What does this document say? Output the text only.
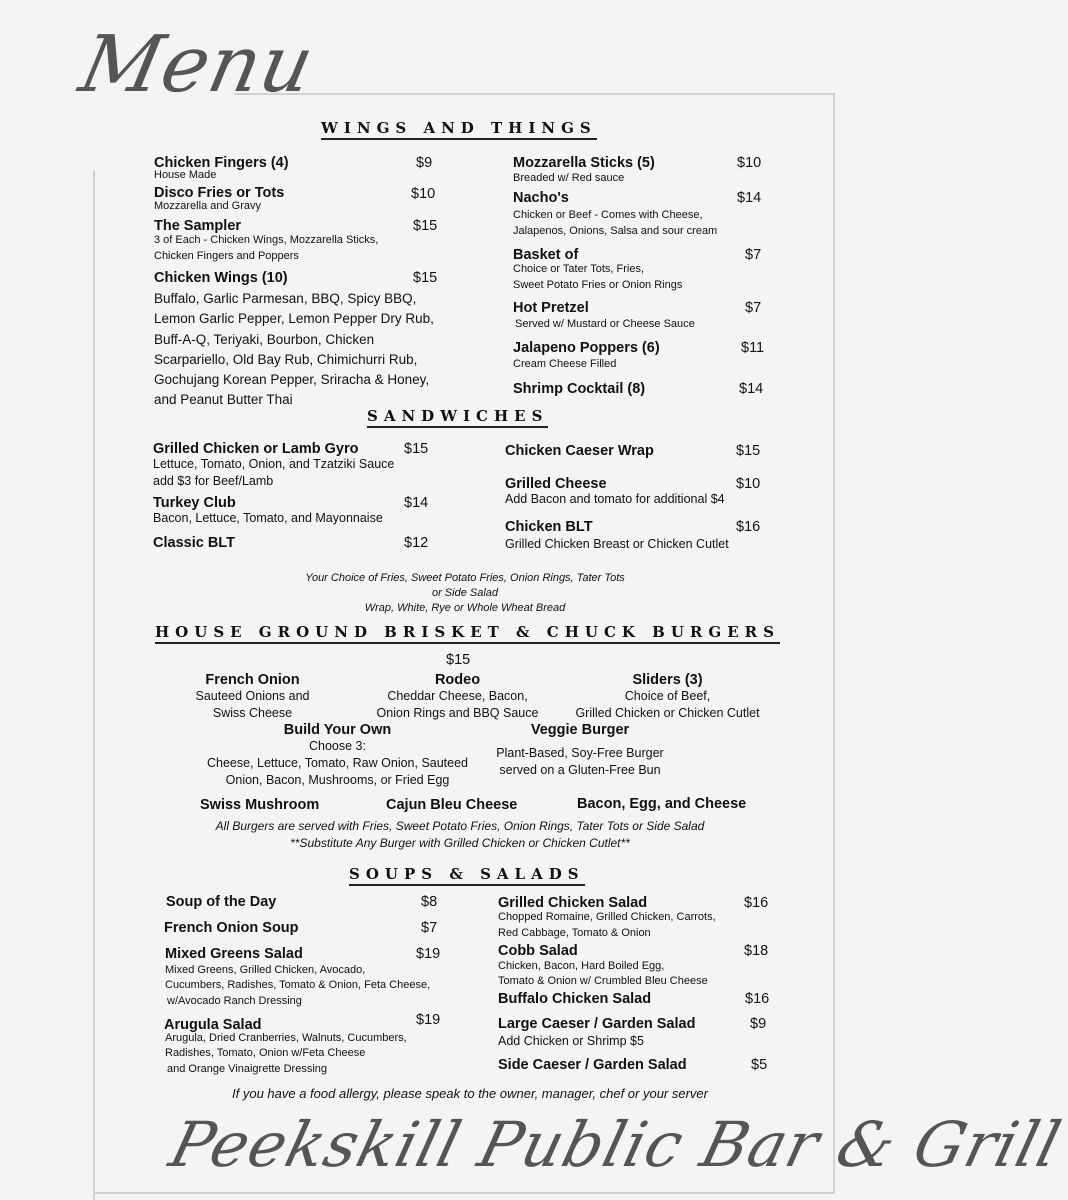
Menu
WINGS AND THINGS
Chicken Fingers (4)	$9
House Made
Disco Fries or Tots	$10
Mozzarella and Gravy
The Sampler	$15
3 of Each - Chicken Wings, Mozzarella Sticks,
Chicken Fingers and Poppers
Chicken Wings (10)	$15
Buffalo, Garlic Parmesan, BBQ, Spicy BBQ,
Lemon Garlic Pepper, Lemon Pepper Dry Rub,
Buff-A-Q, Teriyaki, Bourbon, Chicken
Scarpariello, Old Bay Rub, Chimichurri Rub,
Gochujang Korean Pepper, Sriracha & Honey,
and Peanut Butter Thai
Mozzarella Sticks (5)	$10
Breaded w/ Red sauce
Nacho's	$14
Chicken or Beef - Comes with Cheese,
Jalapenos, Onions, Salsa and sour cream
Basket of	$7
Choice or Tater Tots, Fries,
Sweet Potato Fries or Onion Rings
Hot Pretzel	$7
Served w/ Mustard or Cheese Sauce
Jalapeno Poppers (6)	$11
Cream Cheese Filled
Shrimp Cocktail (8)	$14
SANDWICHES
Grilled Chicken or Lamb Gyro	$15
Lettuce, Tomato, Onion, and Tzatziki Sauce
add $3 for Beef/Lamb
Turkey Club	$14
Bacon, Lettuce, Tomato, and Mayonnaise
Classic BLT	$12
Chicken Caeser Wrap	$15
Grilled Cheese	$10
Add Bacon and tomato for additional $4
Chicken BLT	$16
Grilled Chicken Breast or Chicken Cutlet
Your Choice of Fries, Sweet Potato Fries, Onion Rings, Tater Tots
or Side Salad
Wrap, White, Rye or Whole Wheat Bread
HOUSE GROUND BRISKET & CHUCK BURGERS
$15
French Onion
Sauteed Onions and
Swiss Cheese
Rodeo
Cheddar Cheese, Bacon,
Onion Rings and BBQ Sauce
Sliders (3)
Choice of Beef,
Grilled Chicken or Chicken Cutlet
Build Your Own
Choose 3:
Cheese, Lettuce, Tomato, Raw Onion, Sauteed
Onion, Bacon, Mushrooms, or Fried Egg
Veggie Burger
Plant-Based, Soy-Free Burger
served on a Gluten-Free Bun
Swiss Mushroom	Cajun Bleu Cheese	Bacon, Egg, and Cheese
All Burgers are served with Fries, Sweet Potato Fries, Onion Rings, Tater Tots or Side Salad
**Substitute Any Burger with Grilled Chicken or Chicken Cutlet**
SOUPS & SALADS
Soup of the Day	$8
French Onion Soup	$7
Mixed Greens Salad	$19
Mixed Greens, Grilled Chicken, Avocado,
Cucumbers, Radishes, Tomato & Onion, Feta Cheese,
w/Avocado Ranch Dressing
Arugula Salad	$19
Arugula, Dried Cranberries, Walnuts, Cucumbers,
Radishes, Tomato, Onion w/Feta Cheese
and Orange Vinaigrette Dressing
Grilled Chicken Salad	$16
Chopped Romaine, Grilled Chicken, Carrots,
Red Cabbage, Tomato & Onion
Cobb Salad	$18
Chicken, Bacon, Hard Boiled Egg,
Tomato & Onion w/ Crumbled Bleu Cheese
Buffalo Chicken Salad	$16
Large Caeser / Garden Salad	$9
Add Chicken or Shrimp $5
Side Caeser / Garden Salad	$5
If you have a food allergy, please speak to the owner, manager, chef or your server
Peekskill Public Bar & Grill
